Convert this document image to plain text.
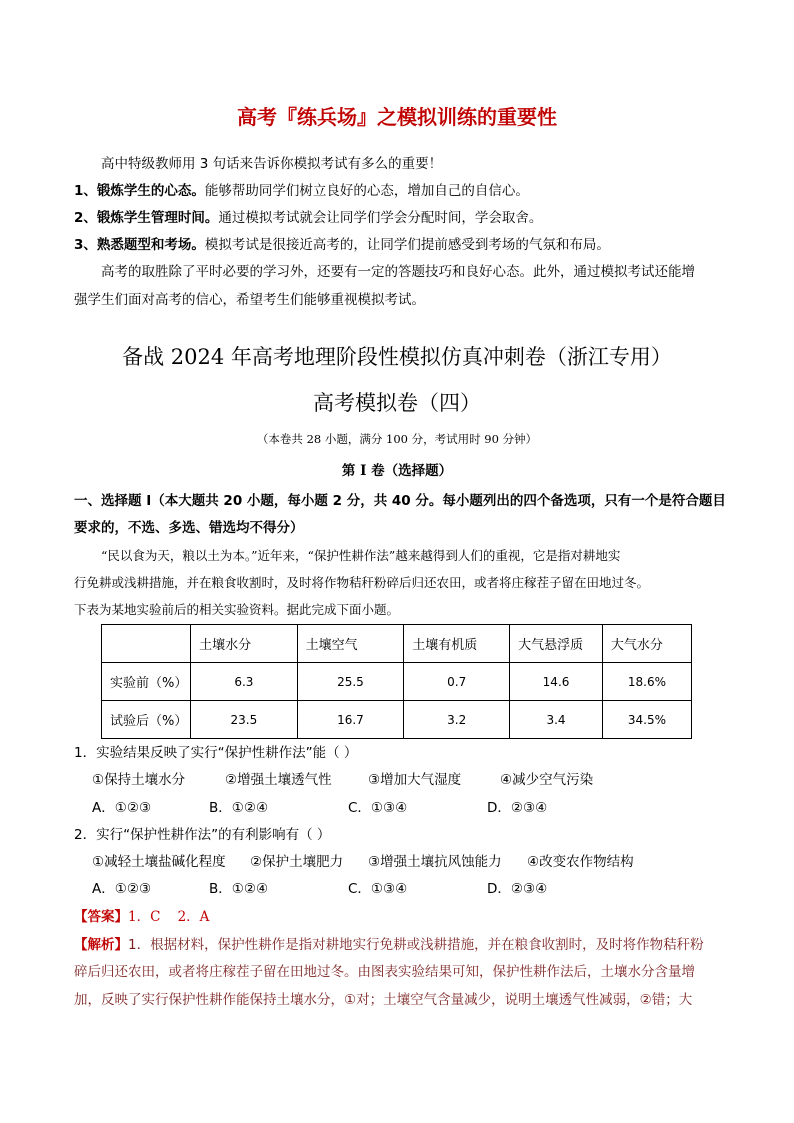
高考『练兵场』之模拟训练的重要性
高中特级教师用 3 句话来告诉你模拟考试有多么的重要！
1、锻炼学生的心态。能够帮助同学们树立良好的心态，增加自己的自信心。
2、锻炼学生管理时间。通过模拟考试就会让同学们学会分配时间，学会取舍。
3、熟悉题型和考场。模拟考试是很接近高考的，让同学们提前感受到考场的气氛和布局。
高考的取胜除了平时必要的学习外，还要有一定的答题技巧和良好心态。此外，通过模拟考试还能增
强学生们面对高考的信心，希望考生们能够重视模拟考试。
备战 2024 年高考地理阶段性模拟仿真冲刺卷（浙江专用）
高考模拟卷（四）
（本卷共 28 小题，满分 100 分，考试用时 90 分钟）
第 I 卷（选择题）
一、选择题 I（本大题共 20 小题，每小题 2 分，共 40 分。每小题列出的四个备选项，只有一个是符合题目
要求的，不选、多选、错选均不得分）
“民以食为天，粮以土为本。”近年来，“保护性耕作法”越来越得到人们的重视，它是指对耕地实
行免耕或浅耕措施，并在粮食收割时，及时将作物秸秆粉碎后归还农田，或者将庄稼茬子留在田地过冬。
下表为某地实验前后的相关实验资料。据此完成下面小题。
	土壤水分	土壤空气	土壤有机质	大气悬浮质	大气水分
实验前（%）	6.3	25.5	0.7	14.6	18.6%
试验后（%）	23.5	16.7	3.2	3.4	34.5%
1．实验结果反映了实行“保护性耕作法”能（ ）
①保持土壤水分	②增强土壤透气性	③增加大气湿度	④减少空气污染
A．①②③	B．①②④	C．①③④	D．②③④
2．实行“保护性耕作法”的有利影响有（ ）
①减轻土壤盐碱化程度 ②保护土壤肥力 ③增强土壤抗风蚀能力 ④改变农作物结构
A．①②③	B．①②④	C．①③④	D．②③④
【答案】1．C    2．A
【解析】1．根据材料，保护性耕作是指对耕地实行免耕或浅耕措施，并在粮食收割时，及时将作物秸秆粉
碎后归还农田，或者将庄稼茬子留在田地过冬。由图表实验结果可知，保护性耕作法后，土壤水分含量增
加，反映了实行保护性耕作能保持土壤水分，①对；土壤空气含量减少，说明土壤透气性减弱，②错；大
